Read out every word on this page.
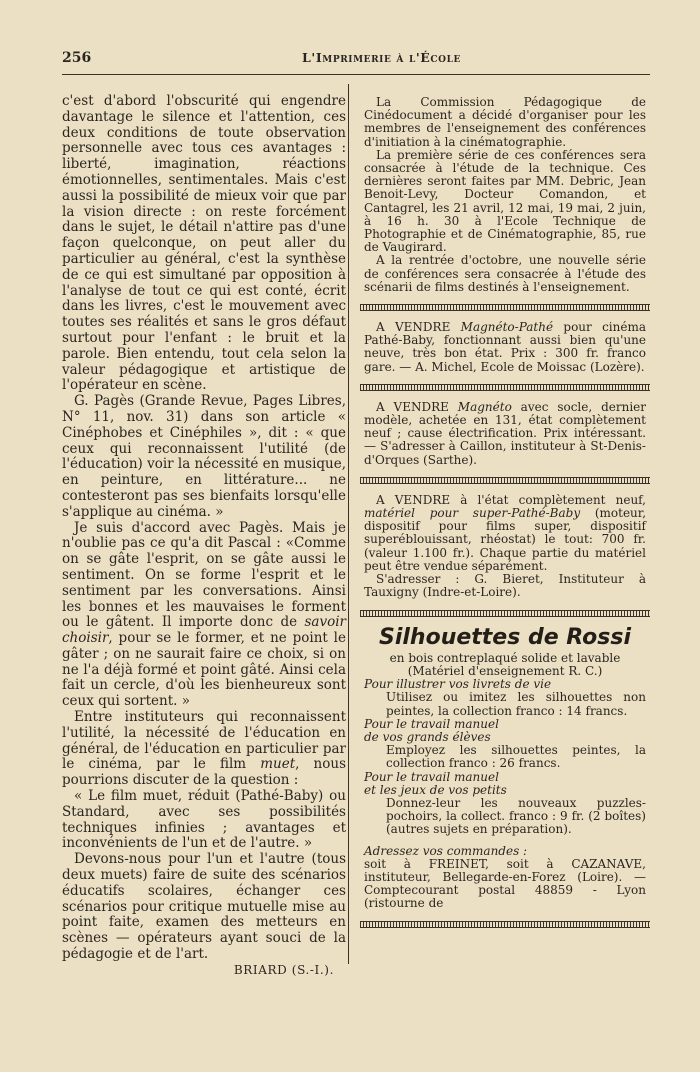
256	L'Imprimerie à l'École

c'est d'abord l'obscurité qui engendre davantage le silence et l'attention, ces deux conditions de toute observation personnelle avec tous ces avantages : liberté, imagination, réactions émotionnelles, sentimentales. Mais c'est aussi la possibilité de mieux voir que par la vision directe : on reste forcément dans le sujet, le détail n'attire pas d'une façon quelconque, on peut aller du particulier au général, c'est la synthèse de ce qui est simultané par opposition à l'analyse de tout ce qui est conté, écrit dans les livres, c'est le mouvement avec toutes ses réalités et sans le gros défaut surtout pour l'enfant : le bruit et la parole. Bien entendu, tout cela selon la valeur pédagogique et artistique de l'opérateur en scène.

G. Pagès (Grande Revue, Pages Libres, N° 11, nov. 31) dans son article « Cinéphobes et Cinéphiles », dit : « que ceux qui reconnaissent l'utilité (de l'éducation) voir la nécessité en musique, en peinture, en littérature... ne contesteront pas ses bienfaits lorsqu'elle s'applique au cinéma. »

Je suis d'accord avec Pagès. Mais je n'oublie pas ce qu'a dit Pascal : «Comme on se gâte l'esprit, on se gâte aussi le sentiment. On se forme l'esprit et le sentiment par les conversations. Ainsi les bonnes et les mauvaises le forment ou le gâtent. Il importe donc de savoir choisir, pour se le former, et ne point le gâter ; on ne saurait faire ce choix, si on ne l'a déjà formé et point gâté. Ainsi cela fait un cercle, d'où les bienheureux sont ceux qui sortent. »

Entre instituteurs qui reconnaissent l'utilité, la nécessité de l'éducation en général, de l'éducation en particulier par le cinéma, par le film muet, nous pourrions discuter de la question :

« Le film muet, réduit (Pathé-Baby) ou Standard, avec ses possibilités techniques infinies ; avantages et inconvénients de l'un et de l'autre. »

Devons-nous pour l'un et l'autre (tous deux muets) faire de suite des scénarios éducatifs scolaires, échanger ces scénarios pour critique mutuelle mise au point faite, examen des metteurs en scènes — opérateurs ayant souci de la pédagogie et de l'art.

BRIARD (S.-I.).

La Commission Pédagogique de Cinédocument a décidé d'organiser pour les membres de l'enseignement des conférences d'initiation à la cinématographie.

La première série de ces conférences sera consacrée à l'étude de la technique. Ces dernières seront faites par MM. Debric, Jean Benoit-Levy, Docteur Comandon, et Cantagrel, les 21 avril, 12 mai, 19 mai, 2 juin, à 16 h. 30 à l'Ecole Technique de Photographie et de Cinématographie, 85, rue de Vaugirard.

A la rentrée d'octobre, une nouvelle série de conférences sera consacrée à l'étude des scénarii de films destinés à l'enseignement.

A VENDRE Magnéto-Pathé pour cinéma Pathé-Baby, fonctionnant aussi bien qu'une neuve, très bon état. Prix : 300 fr. franco gare. — A. Michel, Ecole de Moissac (Lozère).

A VENDRE Magnéto avec socle, dernier modèle, achetée en 131, état complètement neuf ; cause électrification. Prix intéressant. — S'adresser à Caillon, instituteur à St-Denis-d'Orques (Sarthe).

A VENDRE à l'état complètement neuf, matériel pour super-Pathé-Baby (moteur, dispositif pour films super, dispositif superéblouissant, rhéostat) le tout: 700 fr. (valeur 1.100 fr.). Chaque partie du matériel peut être vendue séparément.

S'adresser : G. Bieret, Instituteur à Tauxigny (Indre-et-Loire).

Silhouettes de Rossi

en bois contreplaqué solide et lavable

(Matériel d'enseignement R. C.)

Pour illustrer vos livrets de vie

Utilisez ou imitez les silhouettes non peintes, la collection franco : 14 francs.

Pour le travail manuel

de vos grands élèves

Employez les silhouettes peintes, la collection franco : 26 francs.

Pour le travail manuel

et les jeux de vos petits

Donnez-leur les nouveaux puzzles-pochoirs, la collect. franco : 9 fr. (2 boîtes) (autres sujets en préparation).

Adressez vos commandes :

soit à FREINET, soit à CAZANAVE, instituteur, Bellegarde-en-Forez (Loire). — Comptecourant postal 48859 - Lyon (ristourne de
